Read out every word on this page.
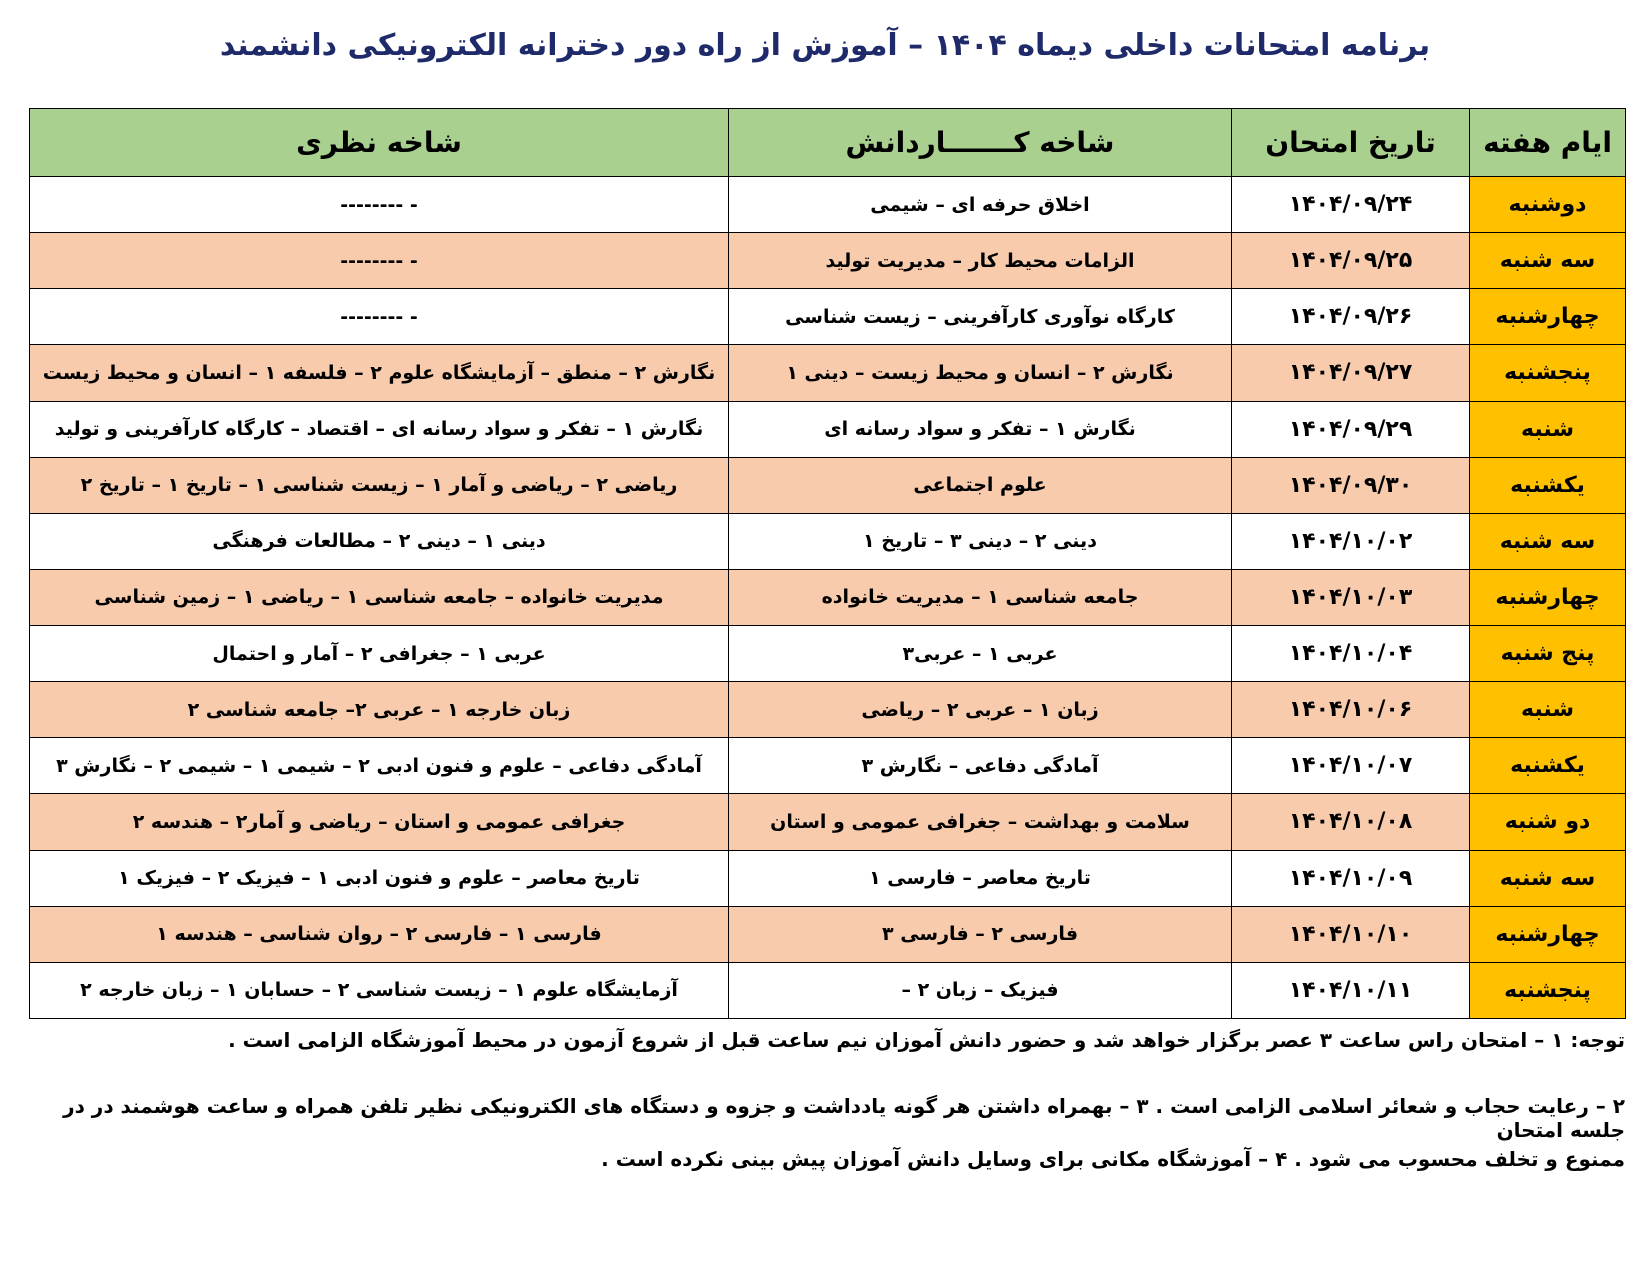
برنامه امتحانات داخلی دیماه ۱۴۰۴ – آموزش از راه دور دخترانه الکترونیکی دانشمند
ایام هفته	تاریخ امتحان	شاخه کـــــــاردانش	شاخه نظری
دوشنبه	۱۴۰۴/۰۹/۲۴	اخلاق حرفه ای – شیمی	- --------
سه شنبه	۱۴۰۴/۰۹/۲۵	الزامات محیط کار – مدیریت تولید	- --------
چهارشنبه	۱۴۰۴/۰۹/۲۶	کارگاه نوآوری کارآفرینی – زیست شناسی	- --------
پنجشنبه	۱۴۰۴/۰۹/۲۷	نگارش ۲ – انسان و محیط زیست – دینی ۱	نگارش ۲ – منطق – آزمایشگاه علوم ۲ – فلسفه ۱ – انسان و محیط زیست
شنبه	۱۴۰۴/۰۹/۲۹	نگارش ۱ – تفکر و سواد رسانه ای	نگارش ۱ – تفکر و سواد رسانه ای – اقتصاد – کارگاه کارآفرینی و تولید
یکشنبه	۱۴۰۴/۰۹/۳۰	علوم اجتماعی	ریاضی ۲ – ریاضی و آمار ۱ – زیست شناسی ۱ – تاریخ ۱ – تاریخ ۲
سه شنبه	۱۴۰۴/۱۰/۰۲	دینی ۲ – دینی ۳ – تاریخ ۱	دینی ۱ – دینی ۲ – مطالعات فرهنگی
چهارشنبه	۱۴۰۴/۱۰/۰۳	جامعه شناسی ۱ – مدیریت خانواده	مدیریت خانواده – جامعه شناسی ۱ – ریاضی ۱ – زمین شناسی
پنج شنبه	۱۴۰۴/۱۰/۰۴	عربی ۱ – عربی۳	عربی ۱ – جغرافی ۲ – آمار و احتمال
شنبه	۱۴۰۴/۱۰/۰۶	زبان ۱ – عربی ۲ – ریاضی	زبان خارجه ۱ – عربی ۲– جامعه شناسی ۲
یکشنبه	۱۴۰۴/۱۰/۰۷	آمادگی دفاعی – نگارش ۳	آمادگی دفاعی – علوم و فنون ادبی ۲ – شیمی ۱ – شیمی ۲ – نگارش ۳
دو شنبه	۱۴۰۴/۱۰/۰۸	سلامت و بهداشت – جغرافی عمومی و استان	جغرافی عمومی و استان – ریاضی و آمار۲ – هندسه ۲
سه شنبه	۱۴۰۴/۱۰/۰۹	تاریخ معاصر – فارسی ۱	تاریخ معاصر – علوم و فنون ادبی ۱ – فیزیک ۲ – فیزیک ۱
چهارشنبه	۱۴۰۴/۱۰/۱۰	فارسی ۲ – فارسی ۳	فارسی ۱ – فارسی ۲ – روان شناسی – هندسه ۱
پنجشنبه	۱۴۰۴/۱۰/۱۱	فیزیک – زبان ۲ –	آزمایشگاه علوم ۱ – زیست شناسی ۲ – حسابان ۱ – زبان خارجه ۲
توجه: ۱ – امتحان راس ساعت ۳ عصر برگزار خواهد شد و حضور دانش آموزان نیم ساعت قبل از شروع آزمون در محیط آموزشگاه الزامی است .
۲ – رعایت حجاب و شعائر اسلامی الزامی است . ۳ – بهمراه داشتن هر گونه یادداشت و جزوه و دستگاه های الکترونیکی نظیر تلفن همراه و ساعت هوشمند در در جلسه امتحان
ممنوع و تخلف محسوب می شود . ۴ – آموزشگاه مکانی برای وسایل دانش آموزان پیش بینی نکرده است .
